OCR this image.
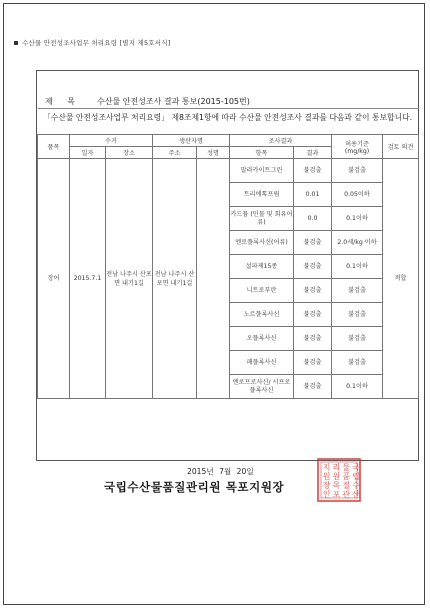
수산물 안전성조사업무 처리요령 [별지 제5호서식]
제 목 수산물 안전성조사 결과 통보(2015-105번)
「수산물 안전성조사업무 처리요령」 제8조제1항에 따라 수산물 안전성조사 결과를 다음과 같이 통보합니다.
품목	수거		생산자명		조사결과		허용기준 (mg/kg)	검토 의견
	일자	장소	주소	성명	항목	결과		
장어	2015.7.1	전남 나주시 산포면 내기1길	전남 나주시 산포면 내기1길		말라카이트그린	불검출	불검출	적합
					트리에톡프림	0.01	0.05이하	
					카드뮴 (민물 및 회유어류)	0.0	0.1이하	
					엔로플록사신(어류)	불검출	2.0세/kg 이하	
					설파제15종	불검출	0.1이하	
					니트로푸란	불검출	불검출	
					노르플록사신	불검출	불검출	
					오플록사신	불검출	불검출	
					페플록사신	불검출	불검출	
					엔로프로사신/ 시프로플록사신	불검출	0.1이하	
2015년 7월 20일
국립수산물품질관리원 목포지원장
국
립
수
산
물
품
질
관
리
원
목
포
지
원
장
인
